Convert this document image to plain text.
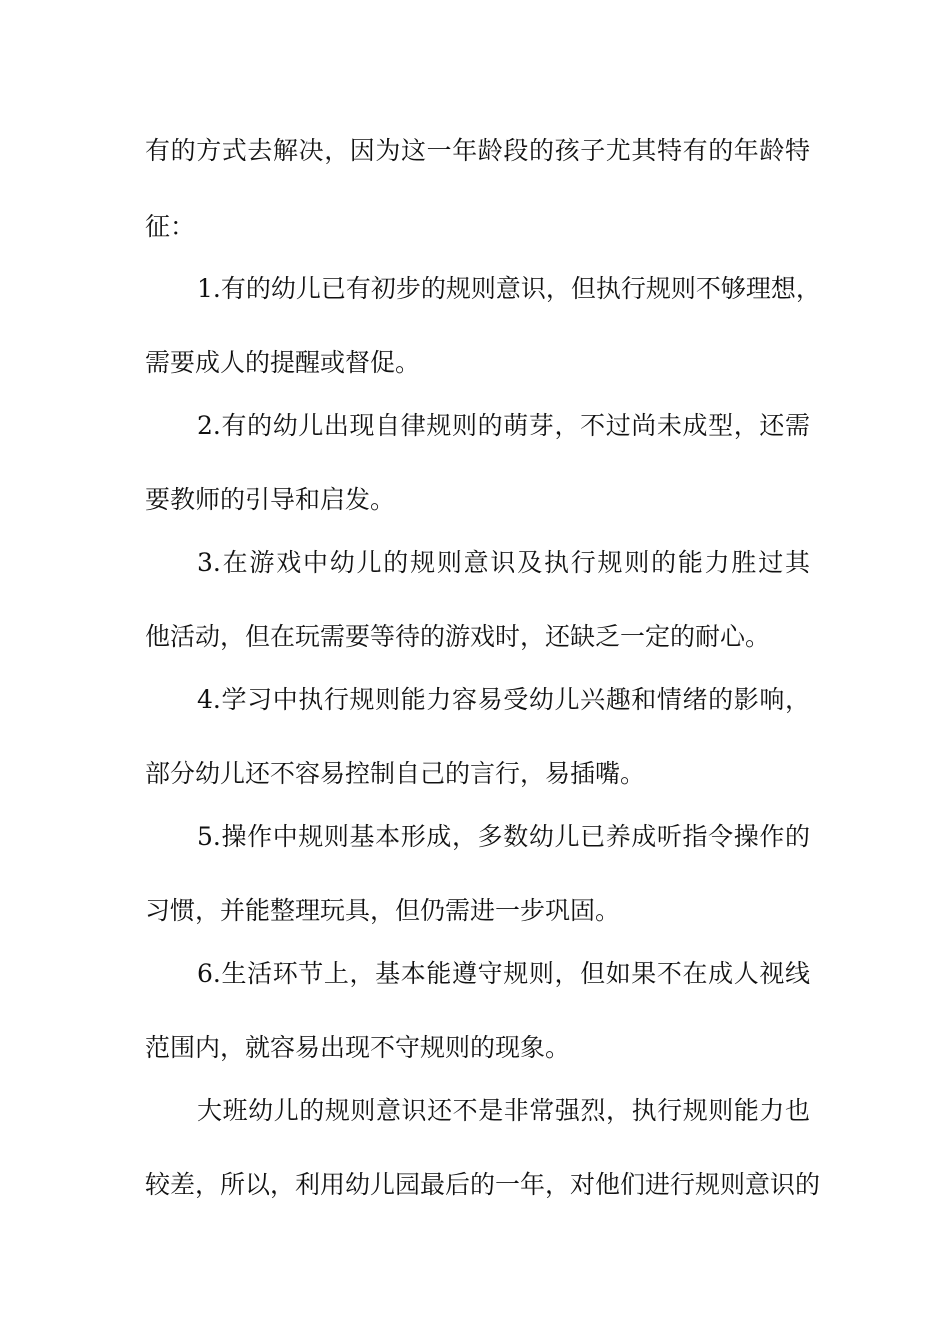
有的方式去解决，因为这一年龄段的孩子尤其特有的年龄特
征：
1.有的幼儿已有初步的规则意识，但执行规则不够理想，
需要成人的提醒或督促。
2.有的幼儿出现自律规则的萌芽，不过尚未成型，还需
要教师的引导和启发。
3.在游戏中幼儿的规则意识及执行规则的能力胜过其
他活动，但在玩需要等待的游戏时，还缺乏一定的耐心。
4.学习中执行规则能力容易受幼儿兴趣和情绪的影响，
部分幼儿还不容易控制自己的言行，易插嘴。
5.操作中规则基本形成，多数幼儿已养成听指令操作的
习惯，并能整理玩具，但仍需进一步巩固。
6.生活环节上，基本能遵守规则，但如果不在成人视线
范围内，就容易出现不守规则的现象。
大班幼儿的规则意识还不是非常强烈，执行规则能力也
较差，所以，利用幼儿园最后的一年，对他们进行规则意识的
